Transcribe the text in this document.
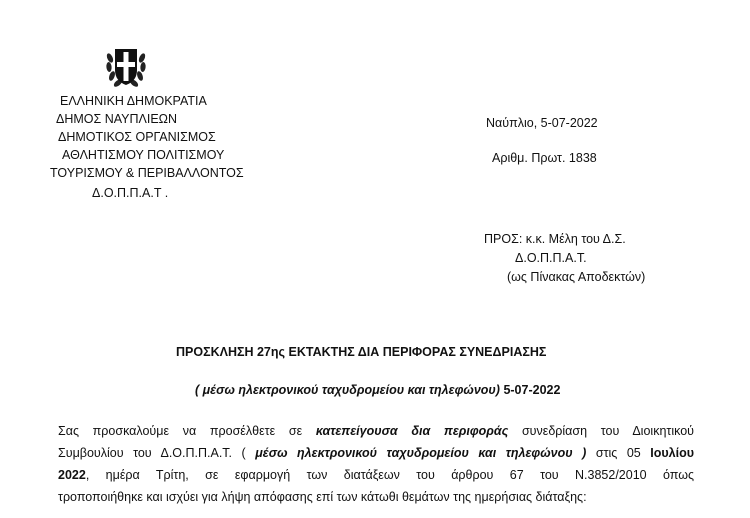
ΕΛΛΗΝΙΚΗ ΔΗΜΟΚΡΑΤΙΑ
ΔΗΜΟΣ ΝΑΥΠΛΙΕΩΝ
ΔΗΜΟΤΙΚΟΣ ΟΡΓΑΝΙΣΜΟΣ
ΑΘΛΗΤΙΣΜΟΥ ΠΟΛΙΤΙΣΜΟΥ
ΤΟΥΡΙΣΜΟΥ & ΠΕΡΙΒΑΛΛΟΝΤΟΣ
Δ.Ο.Π.Π.Α.Τ .
Ναύπλιο, 5-07-2022
Αριθμ. Πρωτ. 1838
ΠΡΟΣ: κ.κ. Μέλη του Δ.Σ.
Δ.Ο.Π.Π.Α.Τ.
(ως Πίνακας Αποδεκτών)
ΠΡΟΣΚΛΗΣΗ 27ης ΕΚΤΑΚΤΗΣ ΔΙΑ ΠΕΡΙΦΟΡΑΣ ΣΥΝΕΔΡΙΑΣΗΣ
( μέσω ηλεκτρονικού ταχυδρομείου και τηλεφώνου) 5-07-2022
Σας προσκαλούμε να προσέλθετε σε κατεπείγουσα δια περιφοράς συνεδρίαση του Διοικητικού
Συμβουλίου του Δ.Ο.Π.Π.Α.Τ. ( μέσω ηλεκτρονικού ταχυδρομείου και τηλεφώνου ) στις 05 Ιουλίου
2022, ημέρα Τρίτη, σε εφαρμογή των διατάξεων του άρθρου 67 του Ν.3852/2010 όπως
τροποποιήθηκε και ισχύει για λήψη απόφασης επί των κάτωθι θεμάτων της ημερήσιας διάταξης:
